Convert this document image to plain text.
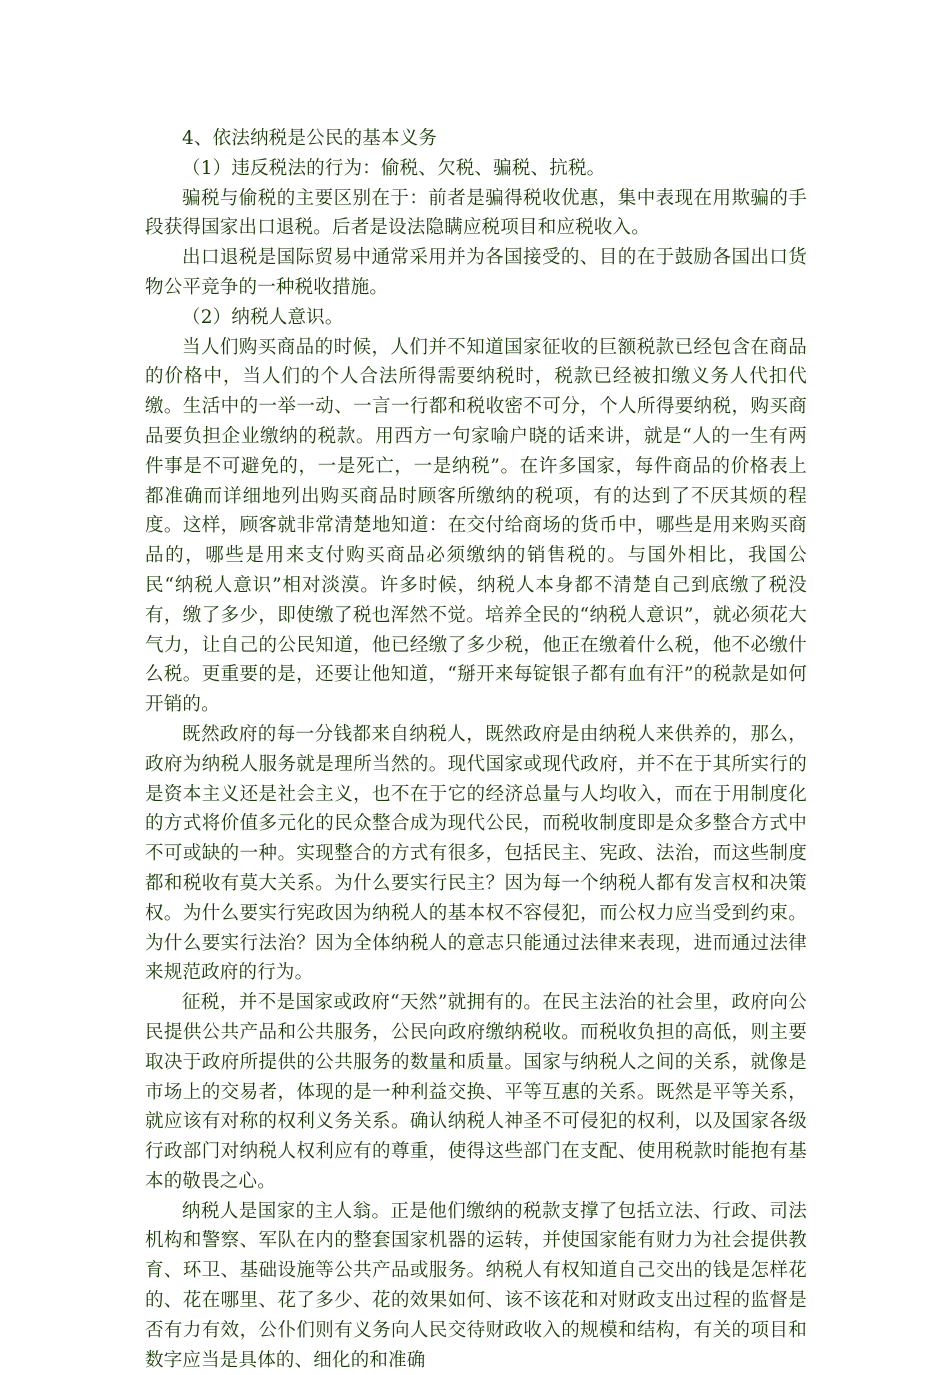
4、依法纳税是公民的基本义务

（1）违反税法的行为：偷税、欠税、骗税、抗税。

骗税与偷税的主要区别在于：前者是骗得税收优惠，集中表现在用欺骗的手段获得国家出口退税。后者是设法隐瞒应税项目和应税收入。

出口退税是国际贸易中通常采用并为各国接受的、目的在于鼓励各国出口货物公平竞争的一种税收措施。

（2）纳税人意识。

当人们购买商品的时候，人们并不知道国家征收的巨额税款已经包含在商品的价格中，当人们的个人合法所得需要纳税时，税款已经被扣缴义务人代扣代缴。生活中的一举一动、一言一行都和税收密不可分，个人所得要纳税，购买商品要负担企业缴纳的税款。用西方一句家喻户晓的话来讲，就是“人的一生有两件事是不可避免的，一是死亡，一是纳税”。在许多国家，每件商品的价格表上都准确而详细地列出购买商品时顾客所缴纳的税项，有的达到了不厌其烦的程度。这样，顾客就非常清楚地知道：在交付给商场的货币中，哪些是用来购买商品的，哪些是用来支付购买商品必须缴纳的销售税的。与国外相比，我国公民“纳税人意识”相对淡漠。许多时候，纳税人本身都不清楚自己到底缴了税没有，缴了多少，即使缴了税也浑然不觉。培养全民的“纳税人意识”，就必须花大气力，让自己的公民知道，他已经缴了多少税，他正在缴着什么税，他不必缴什么税。更重要的是，还要让他知道，“掰开来每锭银子都有血有汗”的税款是如何开销的。

既然政府的每一分钱都来自纳税人，既然政府是由纳税人来供养的，那么，政府为纳税人服务就是理所当然的。现代国家或现代政府，并不在于其所实行的是资本主义还是社会主义，也不在于它的经济总量与人均收入，而在于用制度化的方式将价值多元化的民众整合成为现代公民，而税收制度即是众多整合方式中不可或缺的一种。实现整合的方式有很多，包括民主、宪政、法治，而这些制度都和税收有莫大关系。为什么要实行民主？因为每一个纳税人都有发言权和决策权。为什么要实行宪政因为纳税人的基本权不容侵犯，而公权力应当受到约束。为什么要实行法治？因为全体纳税人的意志只能通过法律来表现，进而通过法律来规范政府的行为。

征税，并不是国家或政府“天然”就拥有的。在民主法治的社会里，政府向公民提供公共产品和公共服务，公民向政府缴纳税收。而税收负担的高低，则主要取决于政府所提供的公共服务的数量和质量。国家与纳税人之间的关系，就像是市场上的交易者，体现的是一种利益交换、平等互惠的关系。既然是平等关系，就应该有对称的权利义务关系。确认纳税人神圣不可侵犯的权利，以及国家各级行政部门对纳税人权利应有的尊重，使得这些部门在支配、使用税款时能抱有基本的敬畏之心。

纳税人是国家的主人翁。正是他们缴纳的税款支撑了包括立法、行政、司法机构和警察、军队在内的整套国家机器的运转，并使国家能有财力为社会提供教育、环卫、基础设施等公共产品或服务。纳税人有权知道自己交出的钱是怎样花的、花在哪里、花了多少、花的效果如何、该不该花和对财政支出过程的监督是否有力有效，公仆们则有义务向人民交待财政收入的规模和结构，有关的项目和数字应当是具体的、细化的和准确
